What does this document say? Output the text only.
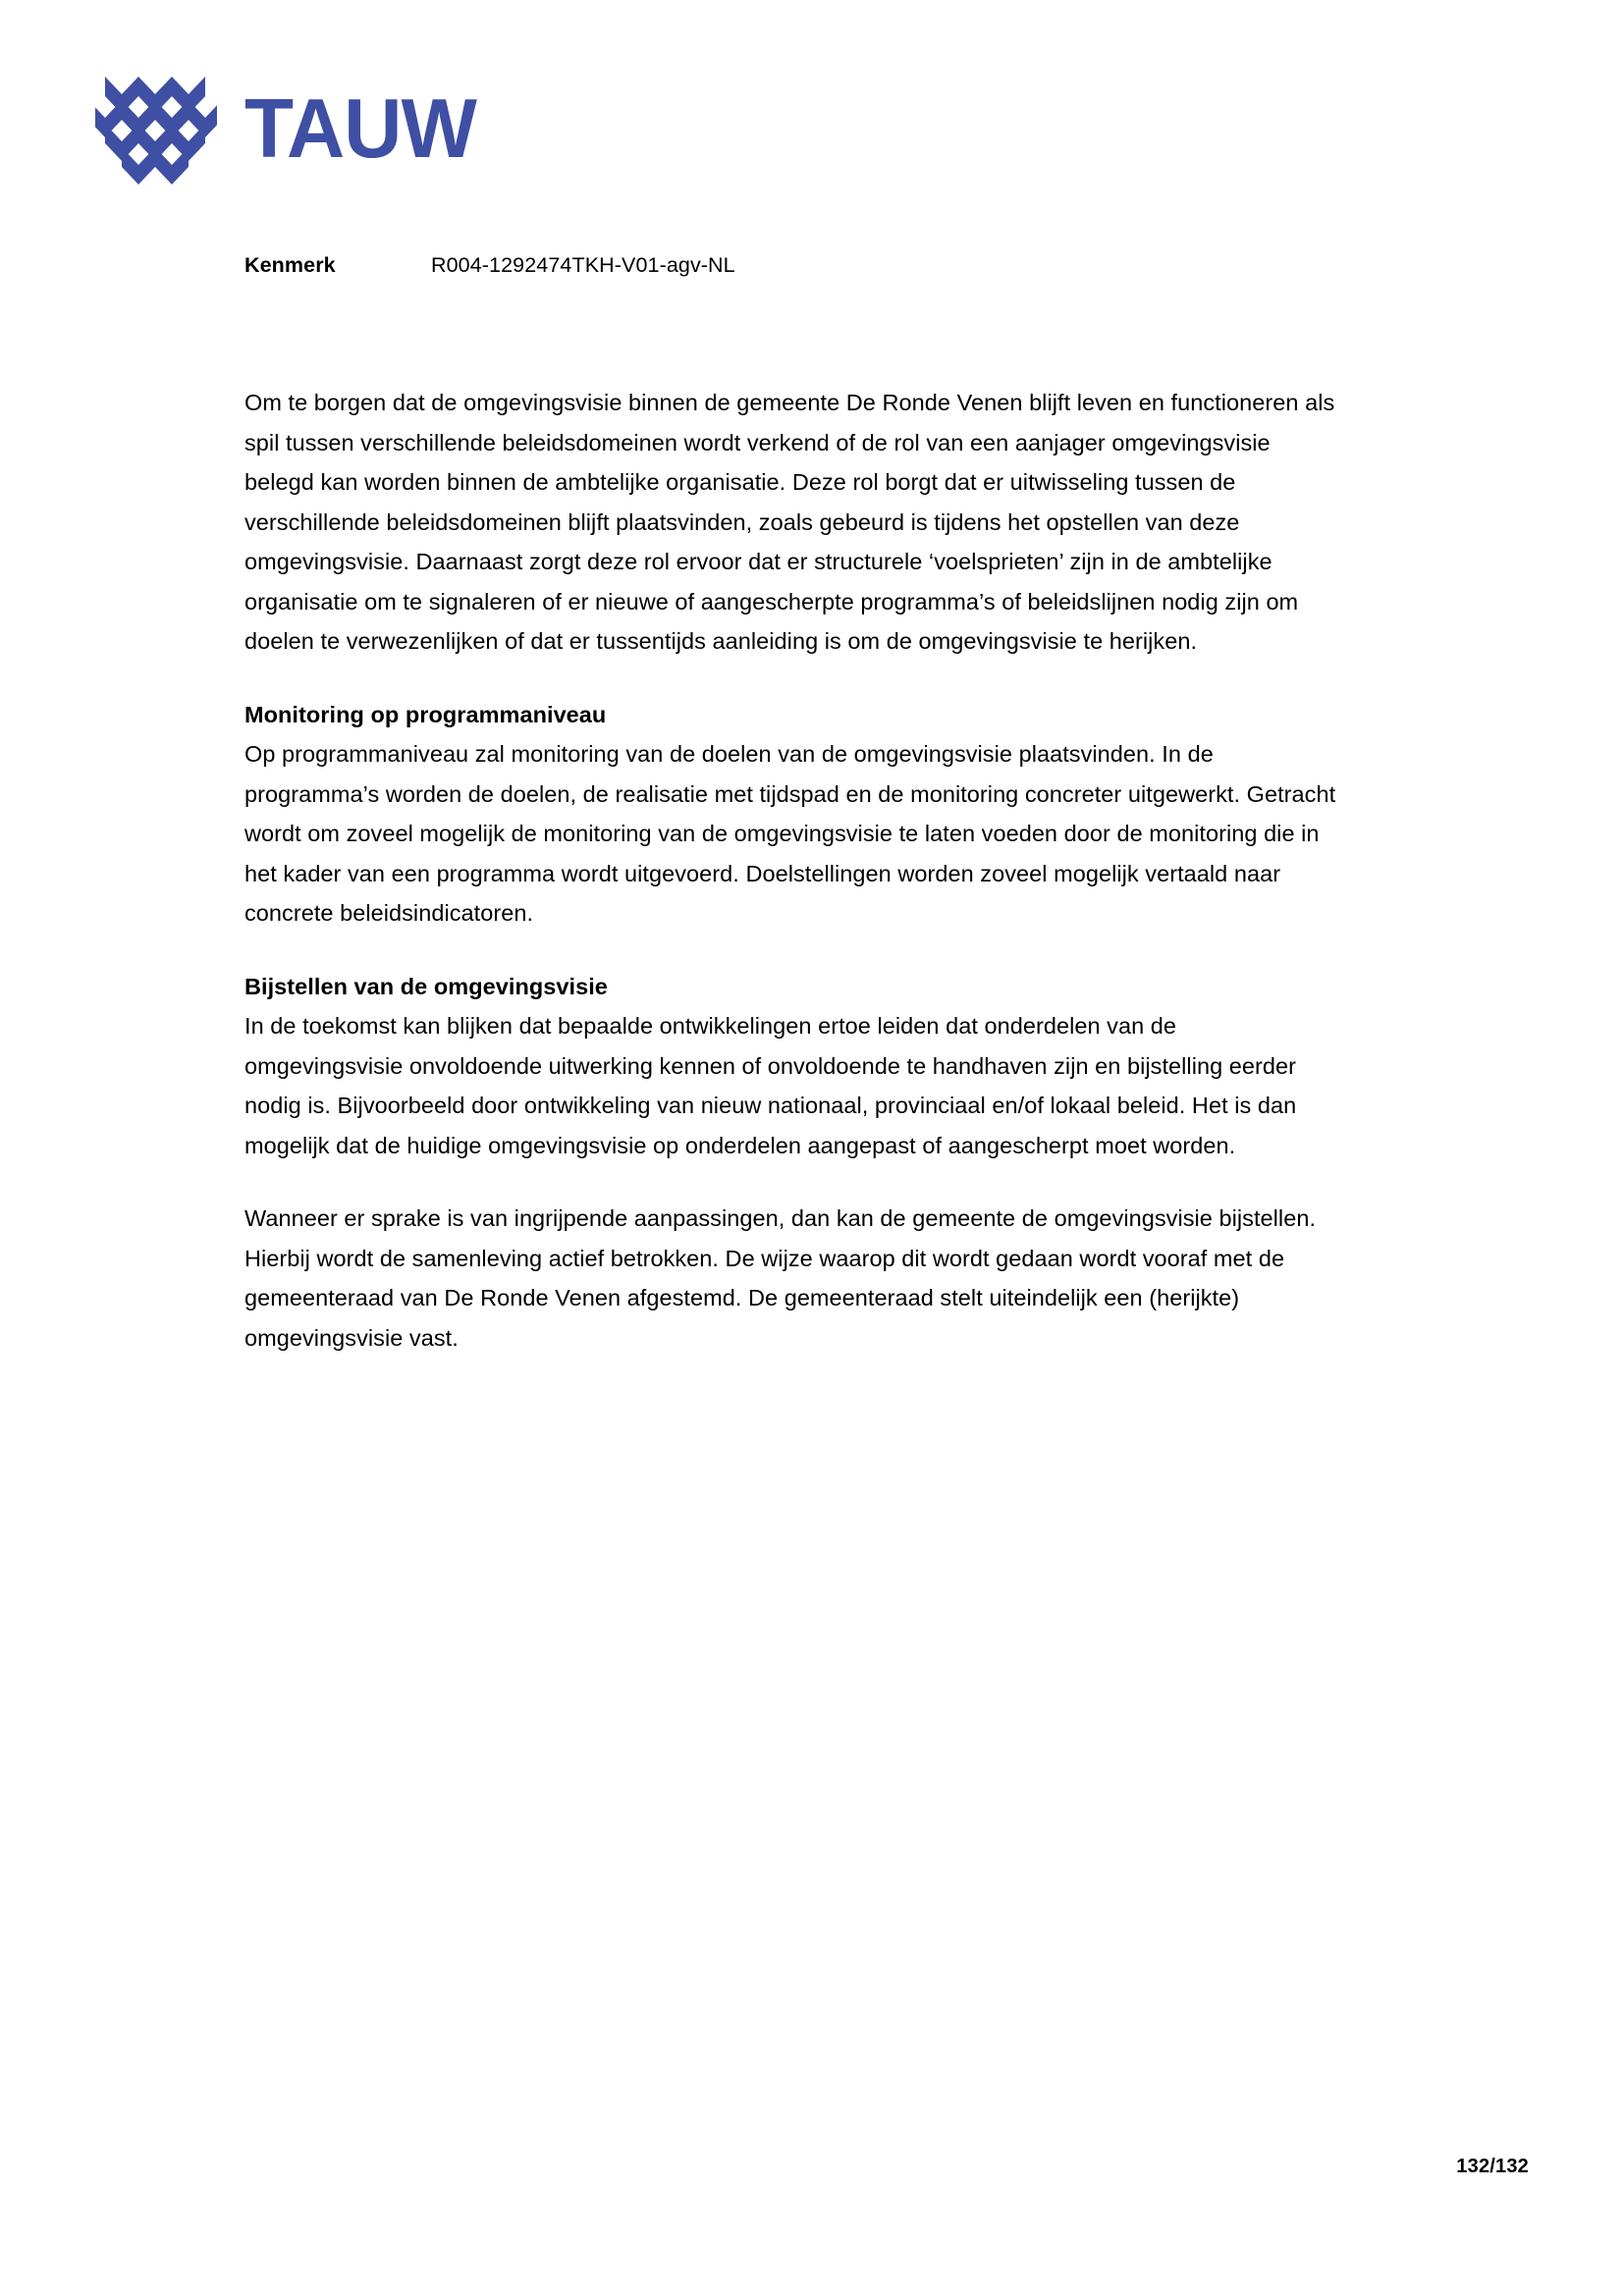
TAUW
Kenmerk	R004-1292474TKH-V01-agv-NL

Om te borgen dat de omgevingsvisie binnen de gemeente De Ronde Venen blijft leven en functioneren als spil tussen verschillende beleidsdomeinen wordt verkend of de rol van een aanjager omgevingsvisie belegd kan worden binnen de ambtelijke organisatie. Deze rol borgt dat er uitwisseling tussen de verschillende beleidsdomeinen blijft plaatsvinden, zoals gebeurd is tijdens het opstellen van deze omgevingsvisie. Daarnaast zorgt deze rol ervoor dat er structurele ‘voelsprieten’ zijn in de ambtelijke organisatie om te signaleren of er nieuwe of aangescherpte programma’s of beleidslijnen nodig zijn om doelen te verwezenlijken of dat er tussentijds aanleiding is om de omgevingsvisie te herijken.

Monitoring op programmaniveau

Op programmaniveau zal monitoring van de doelen van de omgevingsvisie plaatsvinden. In de programma’s worden de doelen, de realisatie met tijdspad en de monitoring concreter uitgewerkt. Getracht wordt om zoveel mogelijk de monitoring van de omgevingsvisie te laten voeden door de monitoring die in het kader van een programma wordt uitgevoerd. Doelstellingen worden zoveel mogelijk vertaald naar concrete beleidsindicatoren.

Bijstellen van de omgevingsvisie

In de toekomst kan blijken dat bepaalde ontwikkelingen ertoe leiden dat onderdelen van de omgevingsvisie onvoldoende uitwerking kennen of onvoldoende te handhaven zijn en bijstelling eerder nodig is. Bijvoorbeeld door ontwikkeling van nieuw nationaal, provinciaal en/of lokaal beleid. Het is dan mogelijk dat de huidige omgevingsvisie op onderdelen aangepast of aangescherpt moet worden.

Wanneer er sprake is van ingrijpende aanpassingen, dan kan de gemeente de omgevingsvisie bijstellen. Hierbij wordt de samenleving actief betrokken. De wijze waarop dit wordt gedaan wordt vooraf met de gemeenteraad van De Ronde Venen afgestemd. De gemeenteraad stelt uiteindelijk een (herijkte) omgevingsvisie vast.

132/132
